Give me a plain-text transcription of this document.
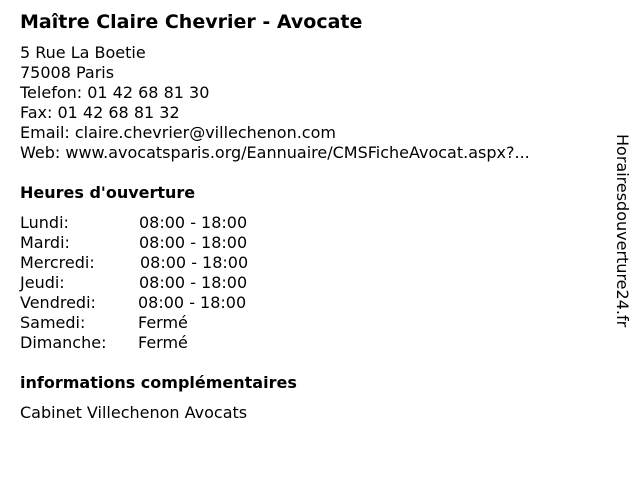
Maître Claire Chevrier - Avocate
5 Rue La Boetie
75008 Paris
Telefon: 01 42 68 81 30
Fax: 01 42 68 81 32
Email: claire.chevrier@villechenon.com
Web: www.avocatsparis.org/Eannuaire/CMSFicheAvocat.aspx?...
Heures d'ouverture
Lundi:	08:00 - 18:00
Mardi:	08:00 - 18:00
Mercredi:	08:00 - 18:00
Jeudi:	08:00 - 18:00
Vendredi:	08:00 - 18:00
Samedi:	Fermé
Dimanche: Fermé
informations complémentaires
Cabinet Villechenon Avocats
Horairesdouverture24.fr
